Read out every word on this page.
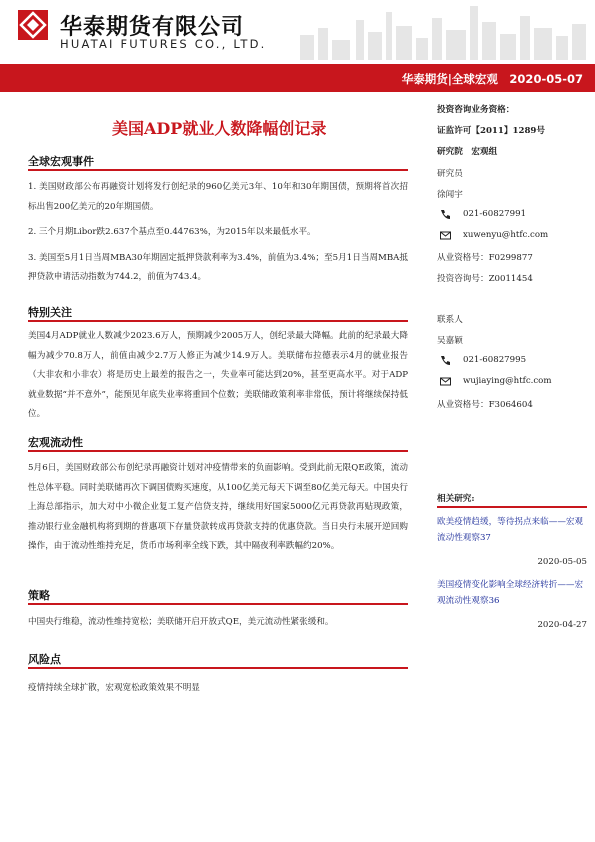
华泰期货有限公司
HUATAI FUTURES CO., LTD.
华泰期货|全球宏观　2020-05-07
美国ADP就业人数降幅创记录
全球宏观事件

1. 美国财政部公布再融资计划将发行创纪录的960亿美元3年、10年和30年期国债，预期将首次招标出售200亿美元的20年期国债。

2. 三个月期Libor跌2.637个基点至0.44763%，为2015年以来最低水平。

3. 美国至5月1日当周MBA30年期固定抵押贷款利率为3.4%，前值为3.4%；至5月1日当周MBA抵押贷款申请活动指数为744.2，前值为743.4。

特别关注
美国4月ADP就业人数减少2023.6万人，预期减少2005万人，创纪录最大降幅。此前的纪录最大降幅为减少70.8万人，前值由减少2.7万人修正为减少14.9万人。美联储布拉德表示4月的就业报告（大非农和小非农）将是历史上最差的报告之一，失业率可能达到20%，甚至更高水平。对于ADP就业数据“并不意外”，能预见年底失业率将重回个位数；美联储政策利率非常低，预计将继续保持低位。
宏观流动性
5月6日，美国财政部公布创纪录再融资计划对冲疫情带来的负面影响。受到此前无限QE政策，流动性总体平稳。同时美联储再次下调国债购买速度，从100亿美元每天下调至80亿美元每天。中国央行上海总部指示，加大对中小微企业复工复产信贷支持，继续用好国家5000亿元再贷款再贴现政策，推动银行业金融机构将到期的普惠项下存量贷款转成再贷款支持的优惠贷款。当日央行未展开逆回购操作，由于流动性维持充足，货币市场利率全线下跌，其中隔夜利率跌幅约20%。
策略
中国央行维稳，流动性维持宽松；美联储开启开放式QE，美元流动性紧张缓和。
风险点
疫情持续全球扩散，宏观宽松政策效果不明显
投资咨询业务资格：
证监许可【2011】1289号
研究院　宏观组
研究员
徐闻宇
021-60827991
xuwenyu@htfc.com
从业资格号：F0299877
投资咨询号：Z0011454
联系人
吴嘉颖
021-60827995
wujiaying@htfc.com
从业资格号：F3064604
相关研究:
欧美疫情趋缓，等待拐点来临——宏观流动性观察37
2020-05-05
美国疫情变化影响全球经济转折——宏观流动性观察36
2020-04-27
